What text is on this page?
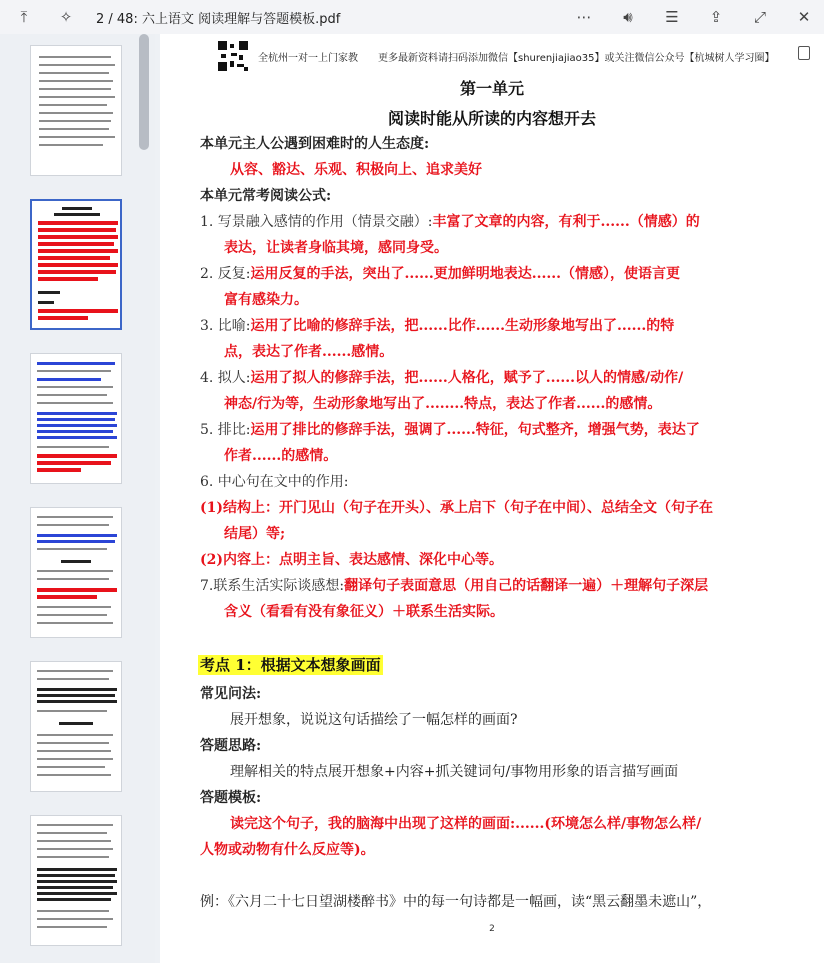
⤒	✧	2 / 48: 六上语文 阅读理解与答题模板.pdf	⋯	🔊︎	☰	⇪	⤢	✕
全杭州一对一上门家教　　更多最新资料请扫码添加微信【shurenjiajiao35】或关注微信公众号【杭城树人学习圈】
第一单元
阅读时能从所读的内容想开去
本单元主人公遇到困难时的人生态度:
从容、豁达、乐观、积极向上、追求美好
本单元常考阅读公式:
1. 写景融入感情的作用（情景交融）:丰富了文章的内容，有利于......（情感）的
表达，让读者身临其境，感同身受。
2. 反复:运用反复的手法，突出了......更加鲜明地表达......（情感），使语言更
富有感染力。
3. 比喻:运用了比喻的修辞手法，把......比作......生动形象地写出了......的特
点，表达了作者......感情。
4. 拟人:运用了拟人的修辞手法，把......人格化，赋予了......以人的情感/动作/
神态/行为等，生动形象地写出了........特点，表达了作者......的感情。
5. 排比:运用了排比的修辞手法，强调了......特征，句式整齐，增强气势，表达了
作者......的感情。
6. 中心句在文中的作用:
(1)结构上：开门见山（句子在开头）、承上启下（句子在中间）、总结全文（句子在
结尾）等;
(2)内容上：点明主旨、表达感情、深化中心等。
7.联系生活实际谈感想:翻译句子表面意思（用自己的话翻译一遍）＋理解句子深层
含义（看看有没有象征义）＋联系生活实际。
考点 1：根据文本想象画面
常见问法:
展开想象，说说这句话描绘了一幅怎样的画面?
答题思路:
理解相关的特点展开想象+内容+抓关键词句/事物用形象的语言描写画面
答题模板:
读完这个句子，我的脑海中出现了这样的画面:......(环境怎么样/事物怎么样/
人物或动物有什么反应等)。
例：《六月二十七日望湖楼醉书》中的每一句诗都是一幅画，读“黑云翻墨未遮山”，
2
